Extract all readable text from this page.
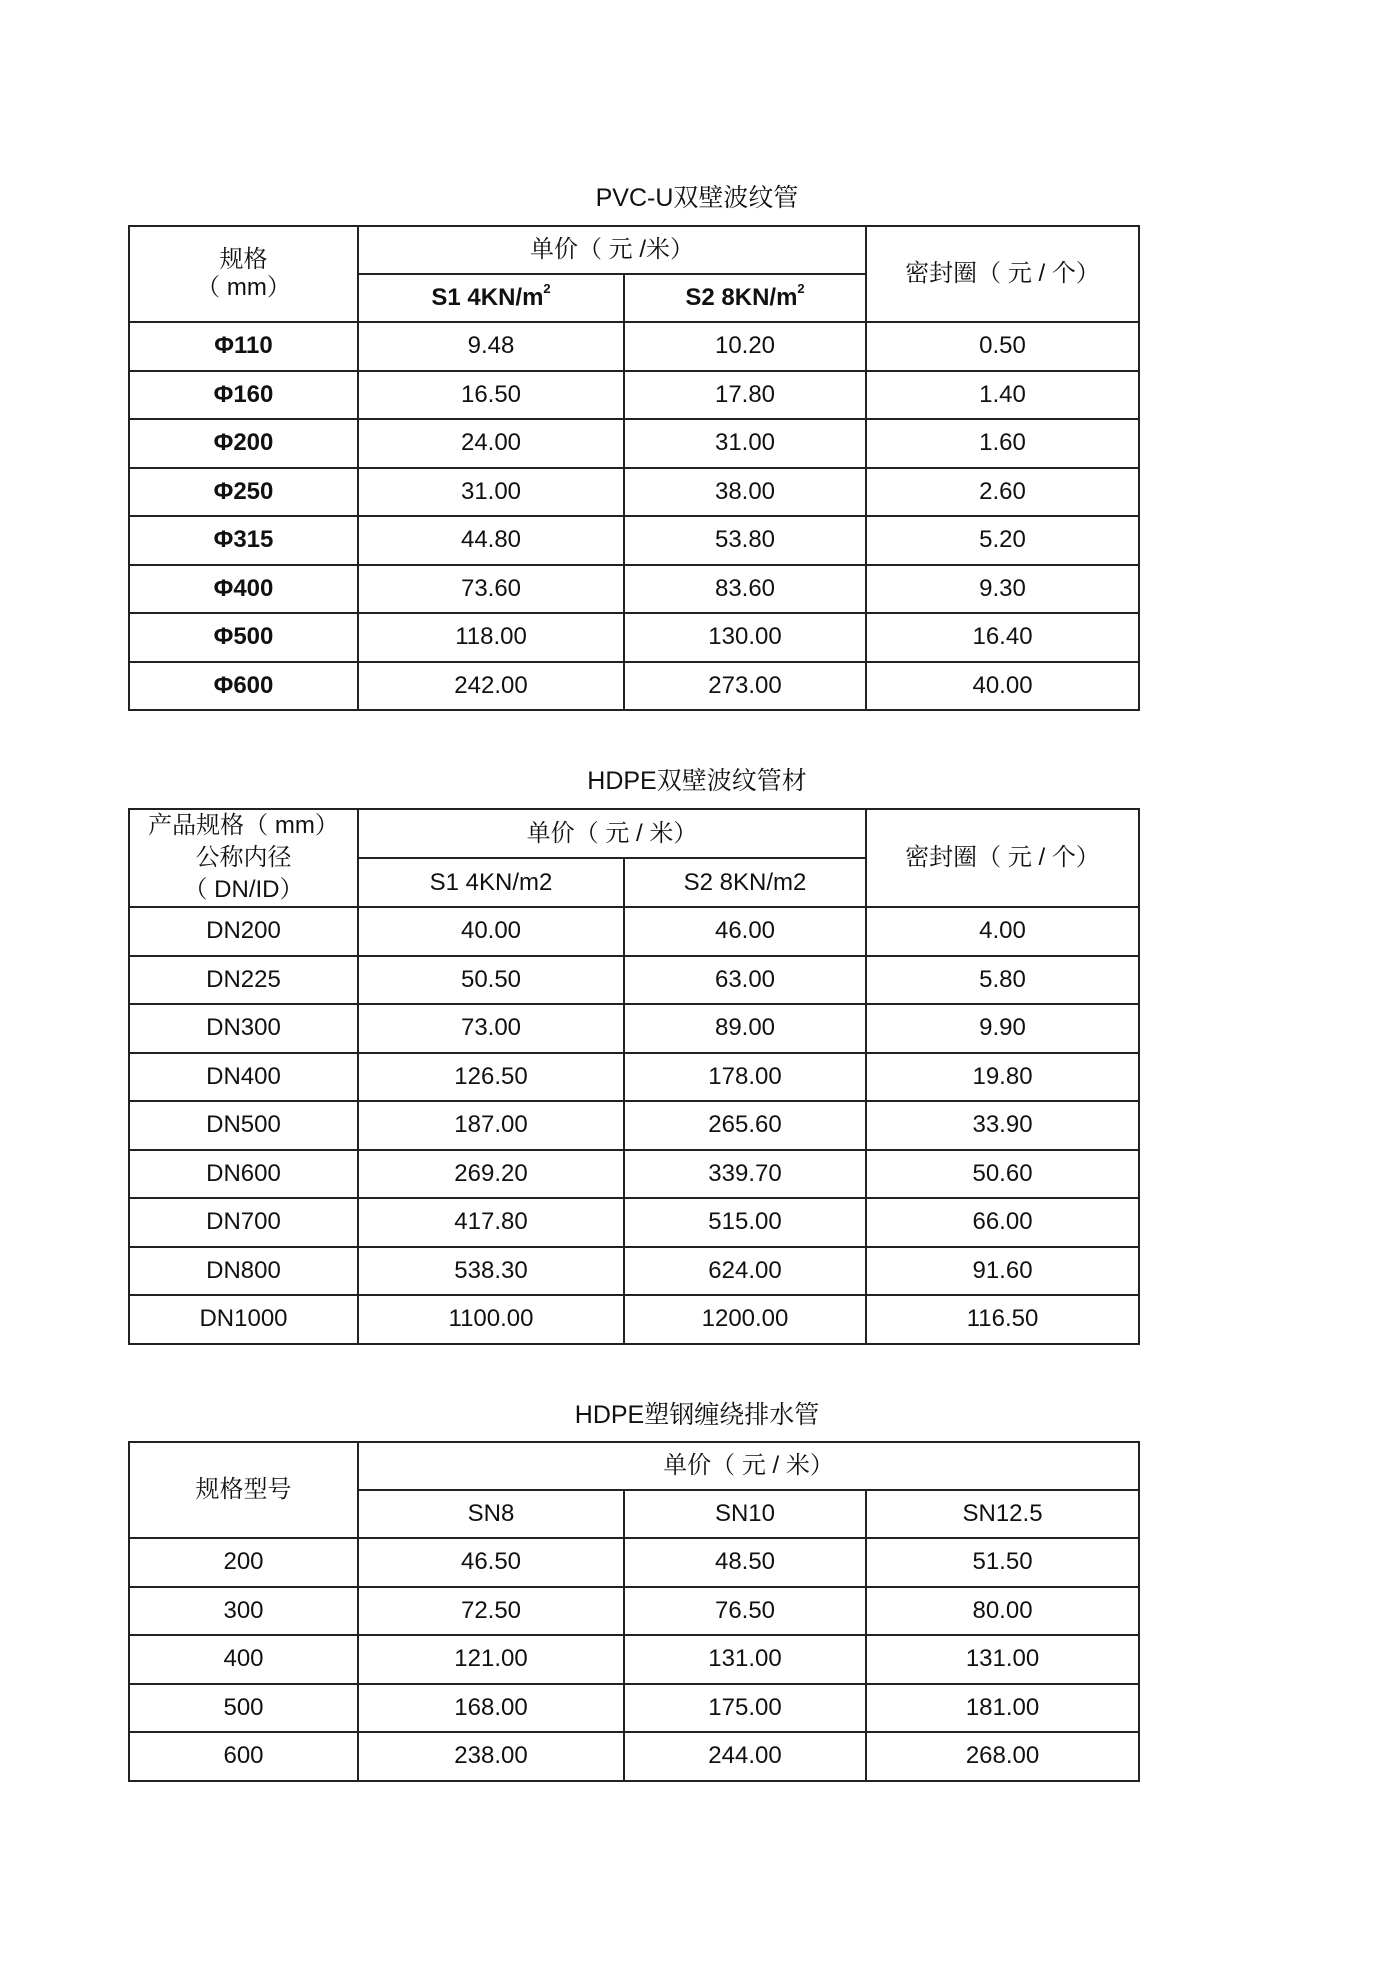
PVC-U双壁波纹管
规格
（ mm）	单价（ 元 /米）		密封圈（ 元 / 个）
	S1 $4KN/m^2$	S2 $8KN/m^2$
Φ110	9.48	10.20	0.50
Φ160	16.50	17.80	1.40
Φ200	24.00	31.00	1.60
Φ250	31.00	38.00	2.60
Φ315	44.80	53.80	5.20
Φ400	73.60	83.60	9.30
Φ500	118.00	130.00	16.40
Φ600	242.00	273.00	40.00
HDPE双壁波纹管材
产品规格（ mm）
公称内径
（ DN/ID）	单价（ 元 / 米）		密封圈（ 元 / 个）
	S1 4KN/m2	S2 8KN/m2	
DN200	40.00	46.00	4.00
DN225	50.50	63.00	5.80
DN300	73.00	89.00	9.90
DN400	126.50	178.00	19.80
DN500	187.00	265.60	33.90
DN600	269.20	339.70	50.60
DN700	417.80	515.00	66.00
DN800	538.30	624.00	91.60
DN1000	1100.00	1200.00	116.50
HDPE塑钢缠绕排水管
规格型号	单价（ 元 / 米）		
	SN8	SN10	SN12.5
200	46.50	48.50	51.50
300	72.50	76.50	80.00
400	121.00	131.00	131.00
500	168.00	175.00	181.00
600	238.00	244.00	268.00
